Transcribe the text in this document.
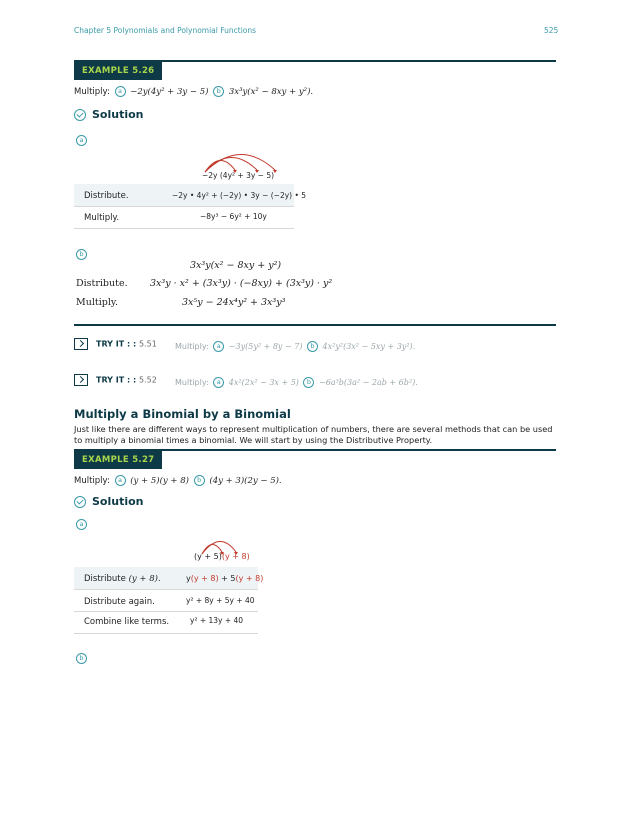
Chapter 5 Polynomials and Polynomial Functions	525
EXAMPLE 5.26
Multiply: a −2y(4y² + 3y − 5) b 3x³y(x² − 8xy + y²).
Solution
a
−2y (4y² + 3y − 5)
Distribute.	−2y • 4y² + (−2y) • 3y − (−2y) • 5
Multiply.	−8y³ − 6y² + 10y
b
3x³y(x² − 8xy + y²)
Distribute. 3x³y · x² + (3x³y) · (−8xy) + (3x³y) · y²
Multiply.	3x⁵y − 24x⁴y² + 3x³y³
TRY IT : : 5.51 Multiply: a −3y(5y² + 8y − 7) b 4x²y²(3x² − 5xy + 3y²).
TRY IT : : 5.52 Multiply: a 4x²(2x² − 3x + 5) b −6a³b(3a² − 2ab + 6b²).
Multiply a Binomial by a Binomial
Just like there are different ways to represent multiplication of numbers, there are several methods that can be used to multiply a binomial times a binomial. We will start by using the Distributive Property.
EXAMPLE 5.27
Multiply: a (y + 5)(y + 8) b (4y + 3)(2y − 5).
Solution
a
(y + 5)(y + 8)
Distribute (y + 8).	y(y + 8) + 5(y + 8)
Distribute again.	y² + 8y + 5y + 40
Combine like terms.	y² + 13y + 40
b
